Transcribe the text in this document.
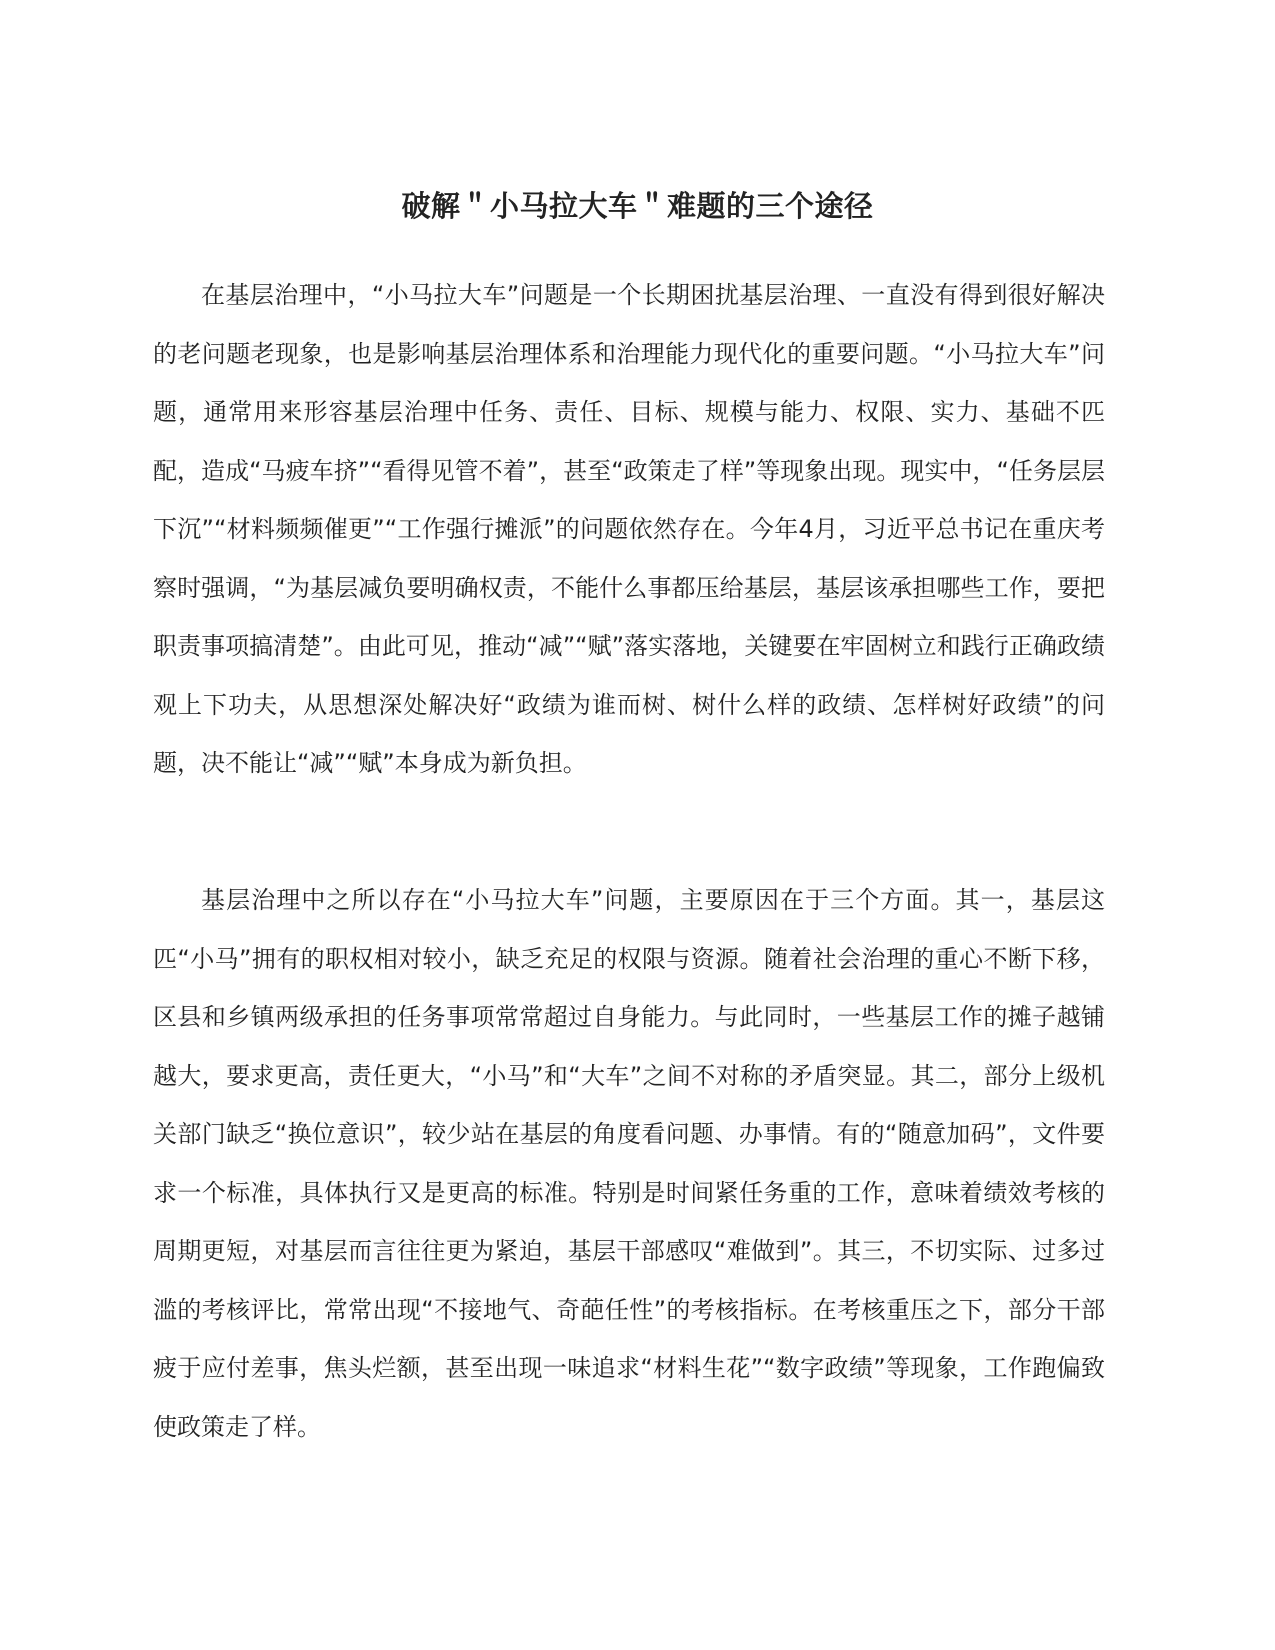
破解＂小马拉大车＂难题的三个途径

在基层治理中，“小马拉大车”问题是一个长期困扰基层治理、一直没有得到很好解决的老问题老现象，也是影响基层治理体系和治理能力现代化的重要问题。“小马拉大车”问题，通常用来形容基层治理中任务、责任、目标、规模与能力、权限、实力、基础不匹配，造成“马疲车挤”“看得见管不着”，甚至“政策走了样”等现象出现。现实中，“任务层层下沉”“材料频频催更”“工作强行摊派”的问题依然存在。今年4月，习近平总书记在重庆考察时强调，“为基层减负要明确权责，不能什么事都压给基层，基层该承担哪些工作，要把职责事项搞清楚”。由此可见，推动“减”“赋”落实落地，关键要在牢固树立和践行正确政绩观上下功夫，从思想深处解决好“政绩为谁而树、树什么样的政绩、怎样树好政绩”的问题，决不能让“减”“赋”本身成为新负担。

基层治理中之所以存在“小马拉大车”问题，主要原因在于三个方面。其一，基层这匹“小马”拥有的职权相对较小，缺乏充足的权限与资源。随着社会治理的重心不断下移，区县和乡镇两级承担的任务事项常常超过自身能力。与此同时，一些基层工作的摊子越铺越大，要求更高，责任更大，“小马”和“大车”之间不对称的矛盾突显。其二，部分上级机关部门缺乏“换位意识”，较少站在基层的角度看问题、办事情。有的“随意加码”，文件要求一个标准，具体执行又是更高的标准。特别是时间紧任务重的工作，意味着绩效考核的周期更短，对基层而言往往更为紧迫，基层干部感叹“难做到”。其三，不切实际、过多过滥的考核评比，常常出现“不接地气、奇葩任性”的考核指标。在考核重压之下，部分干部疲于应付差事，焦头烂额，甚至出现一味追求“材料生花”“数字政绩”等现象，工作跑偏致使政策走了样。
